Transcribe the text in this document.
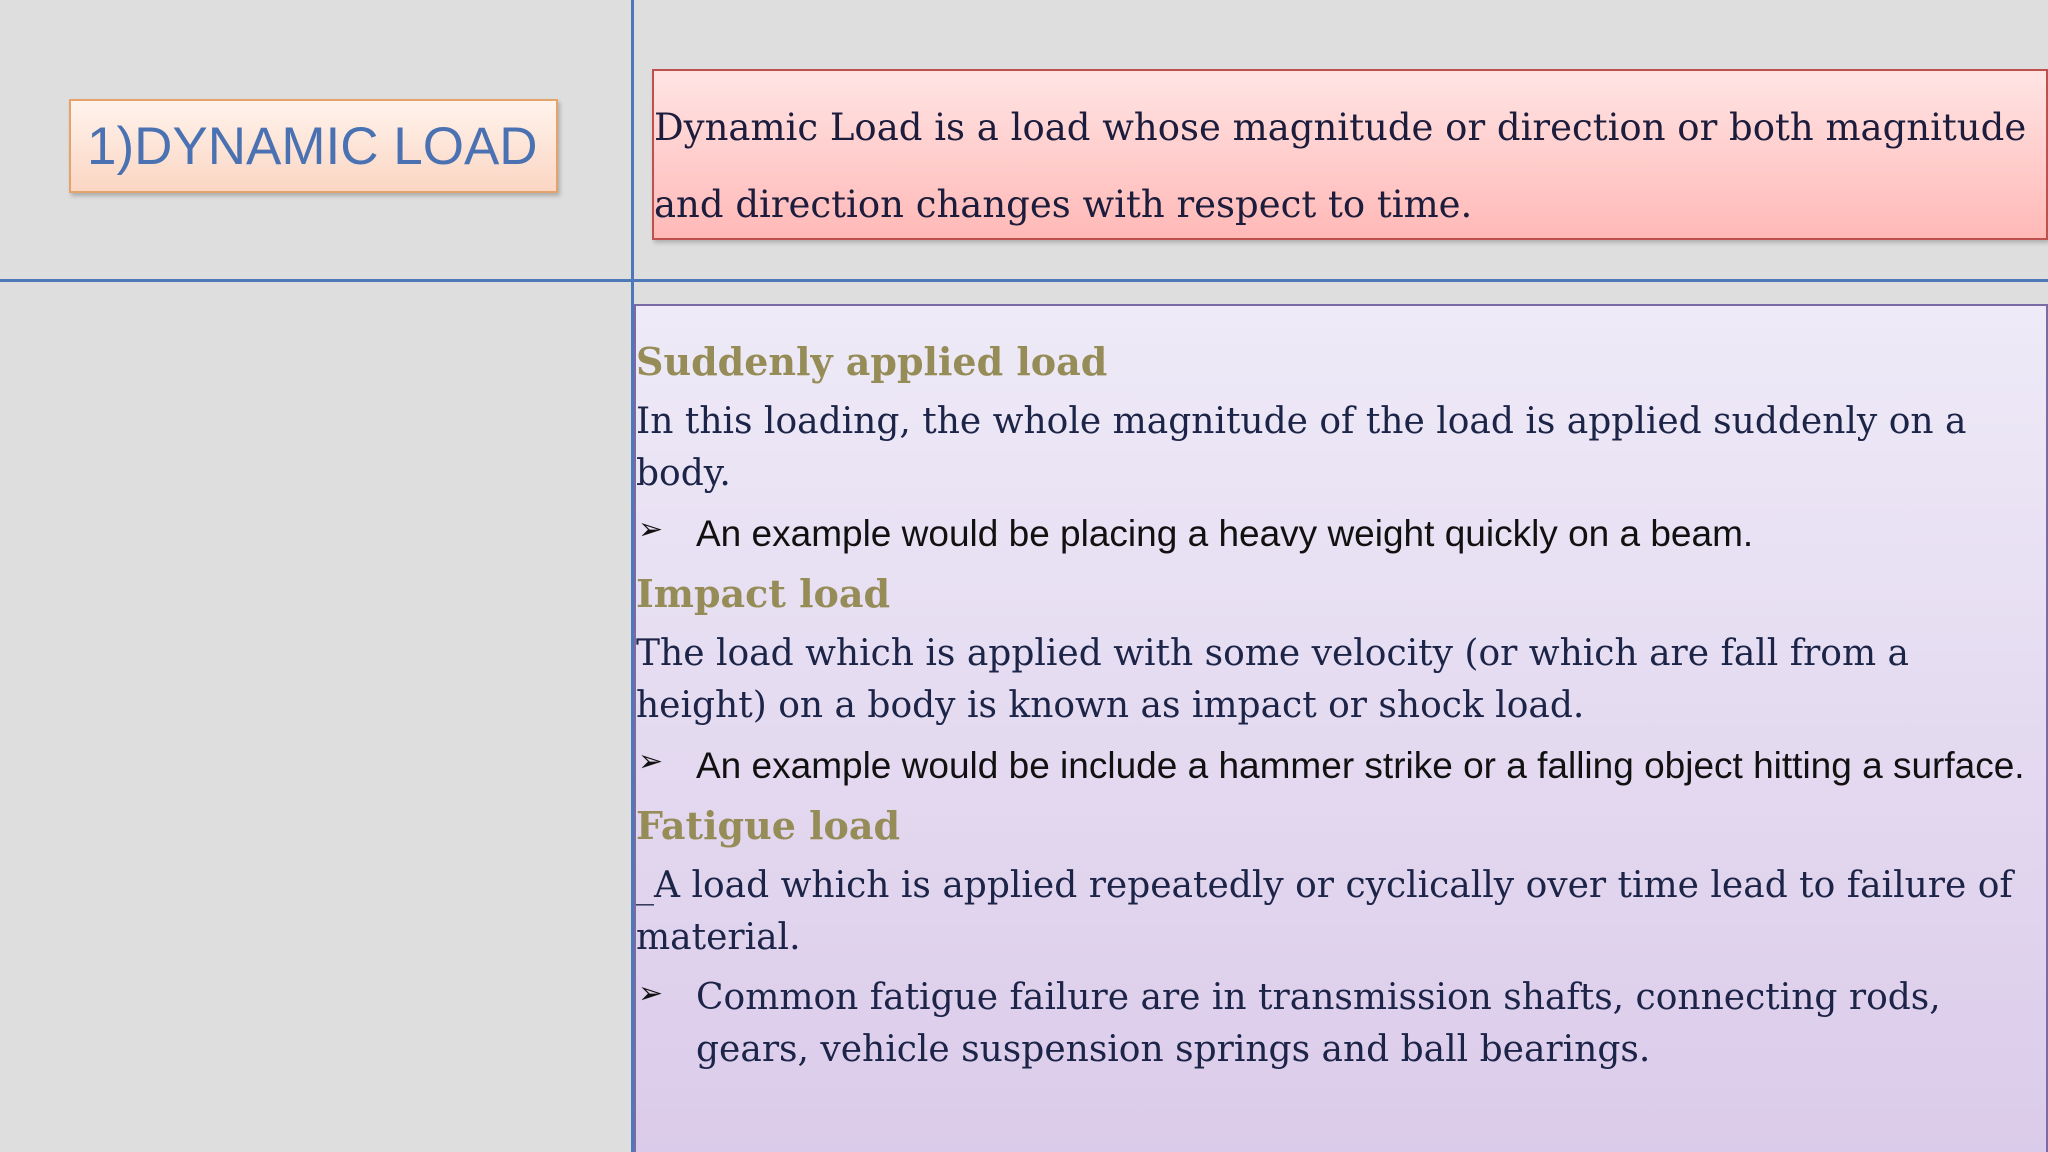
1)DYNAMIC LOAD	Dynamic Load is a load whose magnitude or direction or both magnitude and direction changes with respect to time.

Suddenly applied load
In this loading, the whole magnitude of the load is applied suddenly on a body.
➢ An example would be placing a heavy weight quickly on a beam.
Impact load
The load which is applied with some velocity (or which are fall from a height) on a body is known as impact or shock load.
➢ An example would be include a hammer strike or a falling object hitting a surface.
Fatigue load
_A load which is applied repeatedly or cyclically over time lead to failure of material.
➢ Common fatigue failure are in transmission shafts, connecting rods, gears, vehicle suspension springs and ball bearings.
